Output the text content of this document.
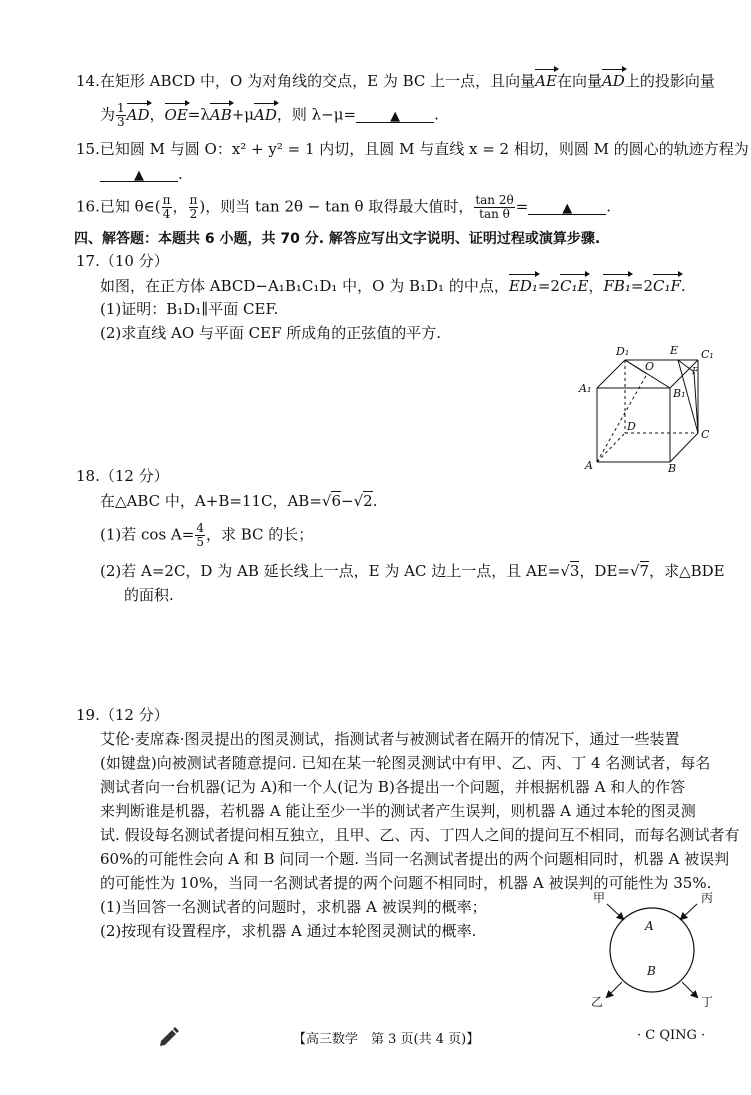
14.在矩形 ABCD 中，O 为对角线的交点，E 为 BC 上一点，且向量AE在向量AD上的投影向量
为 $\frac{1}{3}$ AD，OE=λAB+μAD，则 λ−μ=	▲ .
15.已知圆 M 与圆 O：x² + y² = 1 内切，且圆 M 与直线 x = 2 相切，则圆 M 的圆心的轨迹方程为
▲ .
16.已知 θ∈( $\frac{\pi}{4}$ ， $\frac{\pi}{2}$ )，则当 tan 2θ − tan θ 取得最大值时， $\frac{\tan 2\theta}{\text{tan θ}}$ =	▲ .
四、解答题：本题共 6 小题，共 70 分. 解答应写出文字说明、证明过程或演算步骤.
17.（10 分）
如图，在正方体 ABCD−A₁B₁C₁D₁ 中，O 为 B₁D₁ 的中点，ED₁=2C₁E，FB₁=2C₁F.
(1)证明：B₁D₁∥平面 CEF.
(2)求直线 AO 与平面 CEF 所成角的正弦值的平方.
D₁	E C₁
O	F
A₁	B₁
D
C
A	B
18.（12 分）
在△ABC 中，A+B=11C，AB=√6−√2.
(1)若 $\cos A= \frac{4}{5}$ ，求 BC 的长；
(2)若 A=2C，D 为 AB 延长线上一点，E 为 AC 边上一点，且 AE=√3，DE=√7，求△BDE
的面积.
19.（12 分）
艾伦·麦席森·图灵提出的图灵测试，指测试者与被测试者在隔开的情况下，通过一些装置
(如键盘)向被测试者随意提问. 已知在某一轮图灵测试中有甲、乙、丙、丁 4 名测试者，每名
测试者向一台机器(记为 A)和一个人(记为 B)各提出一个问题，并根据机器 A 和人的作答
来判断谁是机器，若机器 A 能让至少一半的测试者产生误判，则机器 A 通过本轮的图灵测
试. 假设每名测试者提问相互独立，且甲、乙、丙、丁四人之间的提问互不相同，而每名测试者有
60%的可能性会向 A 和 B 问同一个题. 当同一名测试者提出的两个问题相同时，机器 A 被误判
的可能性为 10%，当同一名测试者提的两个问题不相同时，机器 A 被误判的可能性为 35%.
(1)当回答一名测试者的问题时，求机器 A 被误判的概率；
(2)按现有设置程序，求机器 A 通过本轮图灵测试的概率.
甲	丙
乙	丁
A
B
【高三数学　第 3 页(共 4 页)】	· C QING ·
